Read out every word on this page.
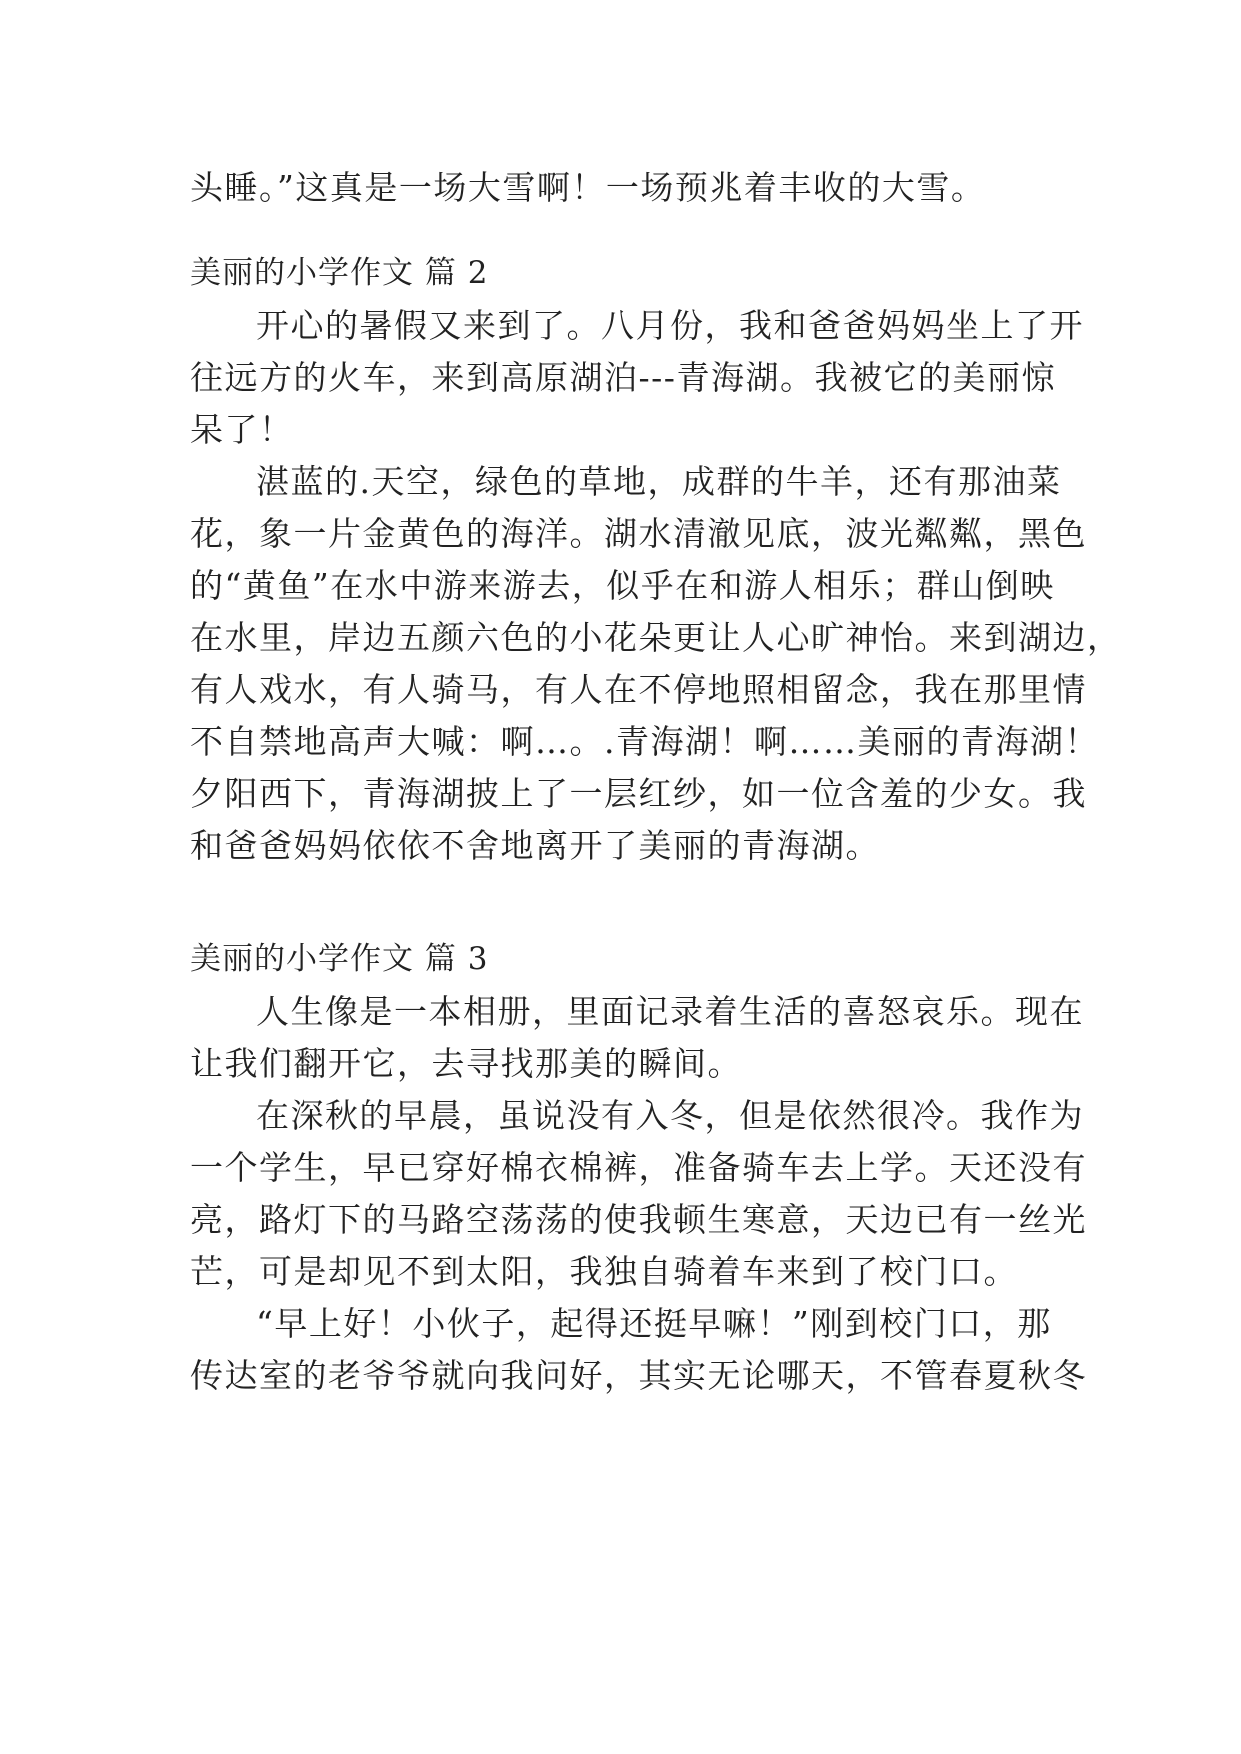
头睡。”这真是一场大雪啊！一场预兆着丰收的大雪。
美丽的小学作文 篇 2
开心的暑假又来到了。八月份，我和爸爸妈妈坐上了开
往远方的火车，来到高原湖泊---青海湖。我被它的美丽惊
呆了！
湛蓝的.天空，绿色的草地，成群的牛羊，还有那油菜
花，象一片金黄色的海洋。湖水清澈见底，波光粼粼，黑色
的“黄鱼”在水中游来游去，似乎在和游人相乐；群山倒映
在水里，岸边五颜六色的小花朵更让人心旷神怡。来到湖边，
有人戏水，有人骑马，有人在不停地照相留念，我在那里情
不自禁地高声大喊：啊…。.青海湖！啊……美丽的青海湖！
夕阳西下，青海湖披上了一层红纱，如一位含羞的少女。我
和爸爸妈妈依依不舍地离开了美丽的青海湖。
美丽的小学作文 篇 3
人生像是一本相册，里面记录着生活的喜怒哀乐。现在
让我们翻开它，去寻找那美的瞬间。
在深秋的早晨，虽说没有入冬，但是依然很冷。我作为
一个学生，早已穿好棉衣棉裤，准备骑车去上学。天还没有
亮，路灯下的马路空荡荡的使我顿生寒意，天边已有一丝光
芒，可是却见不到太阳，我独自骑着车来到了校门口。
“早上好！小伙子，起得还挺早嘛！”刚到校门口，那
传达室的老爷爷就向我问好，其实无论哪天，不管春夏秋冬
